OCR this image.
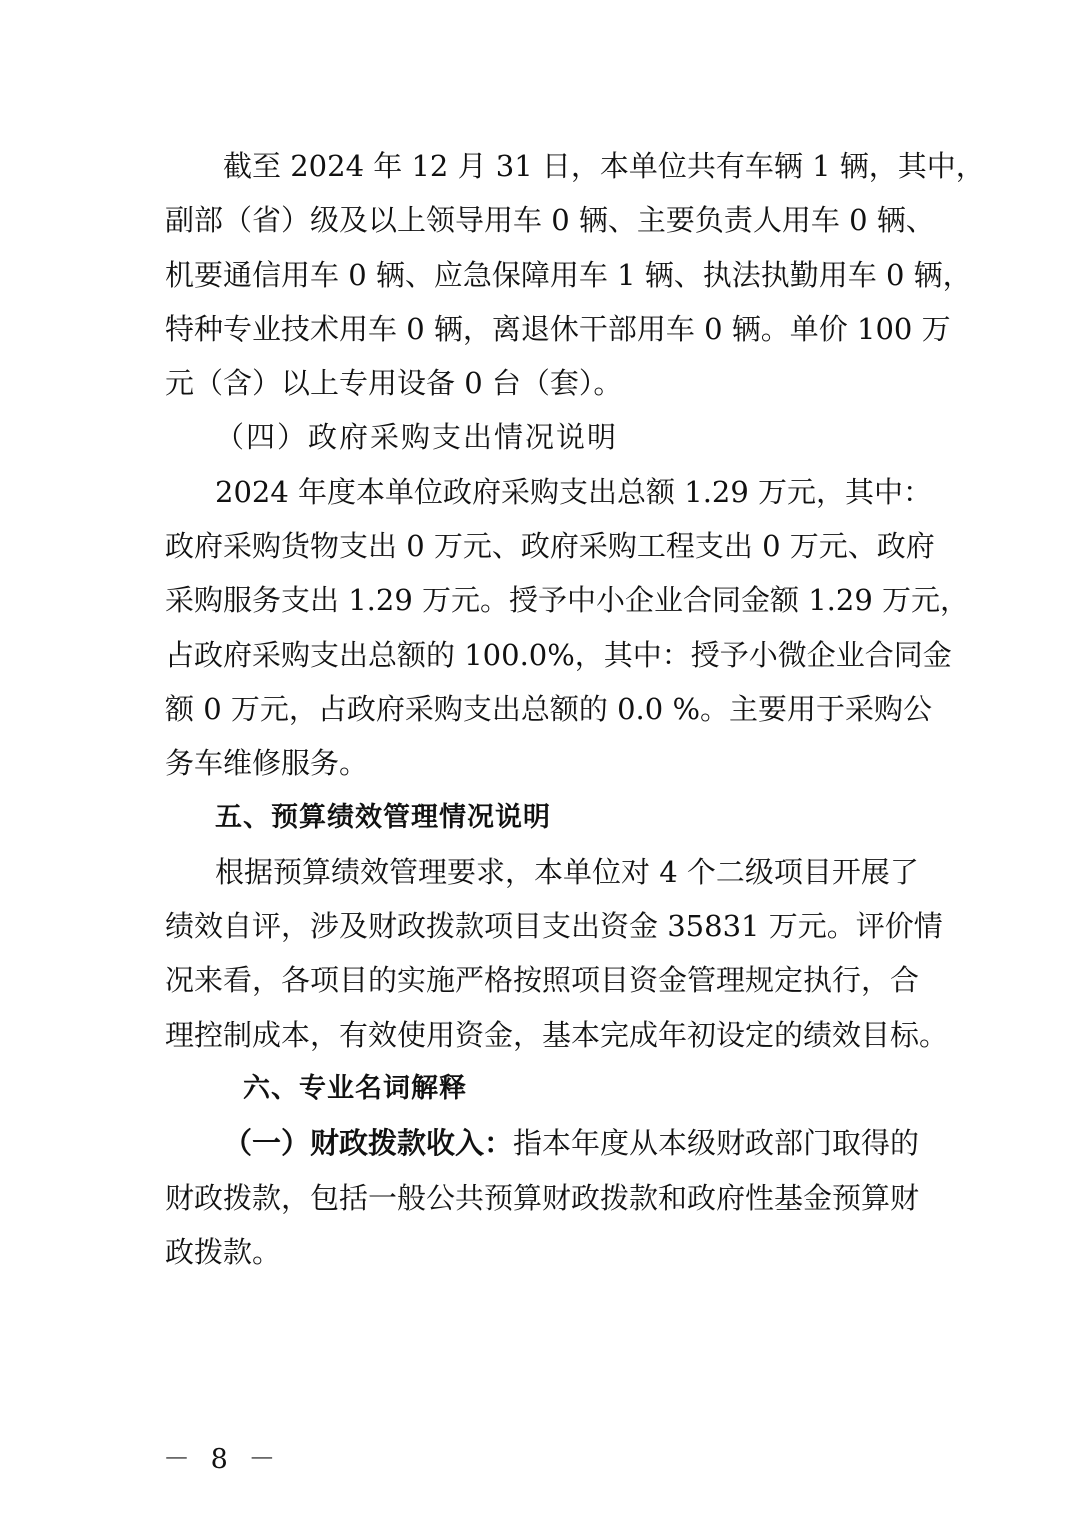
截至 2024 年 12 月 31 日，本单位共有车辆 1 辆，其中，
副部（省）级及以上领导用车 0 辆、主要负责人用车 0 辆、
机要通信用车 0 辆、应急保障用车 1 辆、执法执勤用车 0 辆，
特种专业技术用车 0 辆，离退休干部用车 0 辆。单价 100 万
元（含）以上专用设备 0 台（套）。
（四）政府采购支出情况说明
2024 年度本单位政府采购支出总额 1.29 万元，其中：
政府采购货物支出 0 万元、政府采购工程支出 0 万元、政府
采购服务支出 1.29 万元。授予中小企业合同金额 1.29 万元，
占政府采购支出总额的 100.0%，其中：授予小微企业合同金
额 0 万元，占政府采购支出总额的 0.0 %。主要用于采购公
务车维修服务。
五、预算绩效管理情况说明
根据预算绩效管理要求，本单位对 4 个二级项目开展了
绩效自评，涉及财政拨款项目支出资金 35831 万元。评价情
况来看，各项目的实施严格按照项目资金管理规定执行，合
理控制成本，有效使用资金，基本完成年初设定的绩效目标。
六、专业名词解释
（一）财政拨款收入：指本年度从本级财政部门取得的
财政拨款，包括一般公共预算财政拨款和政府性基金预算财
政拨款。
－ 8 －
